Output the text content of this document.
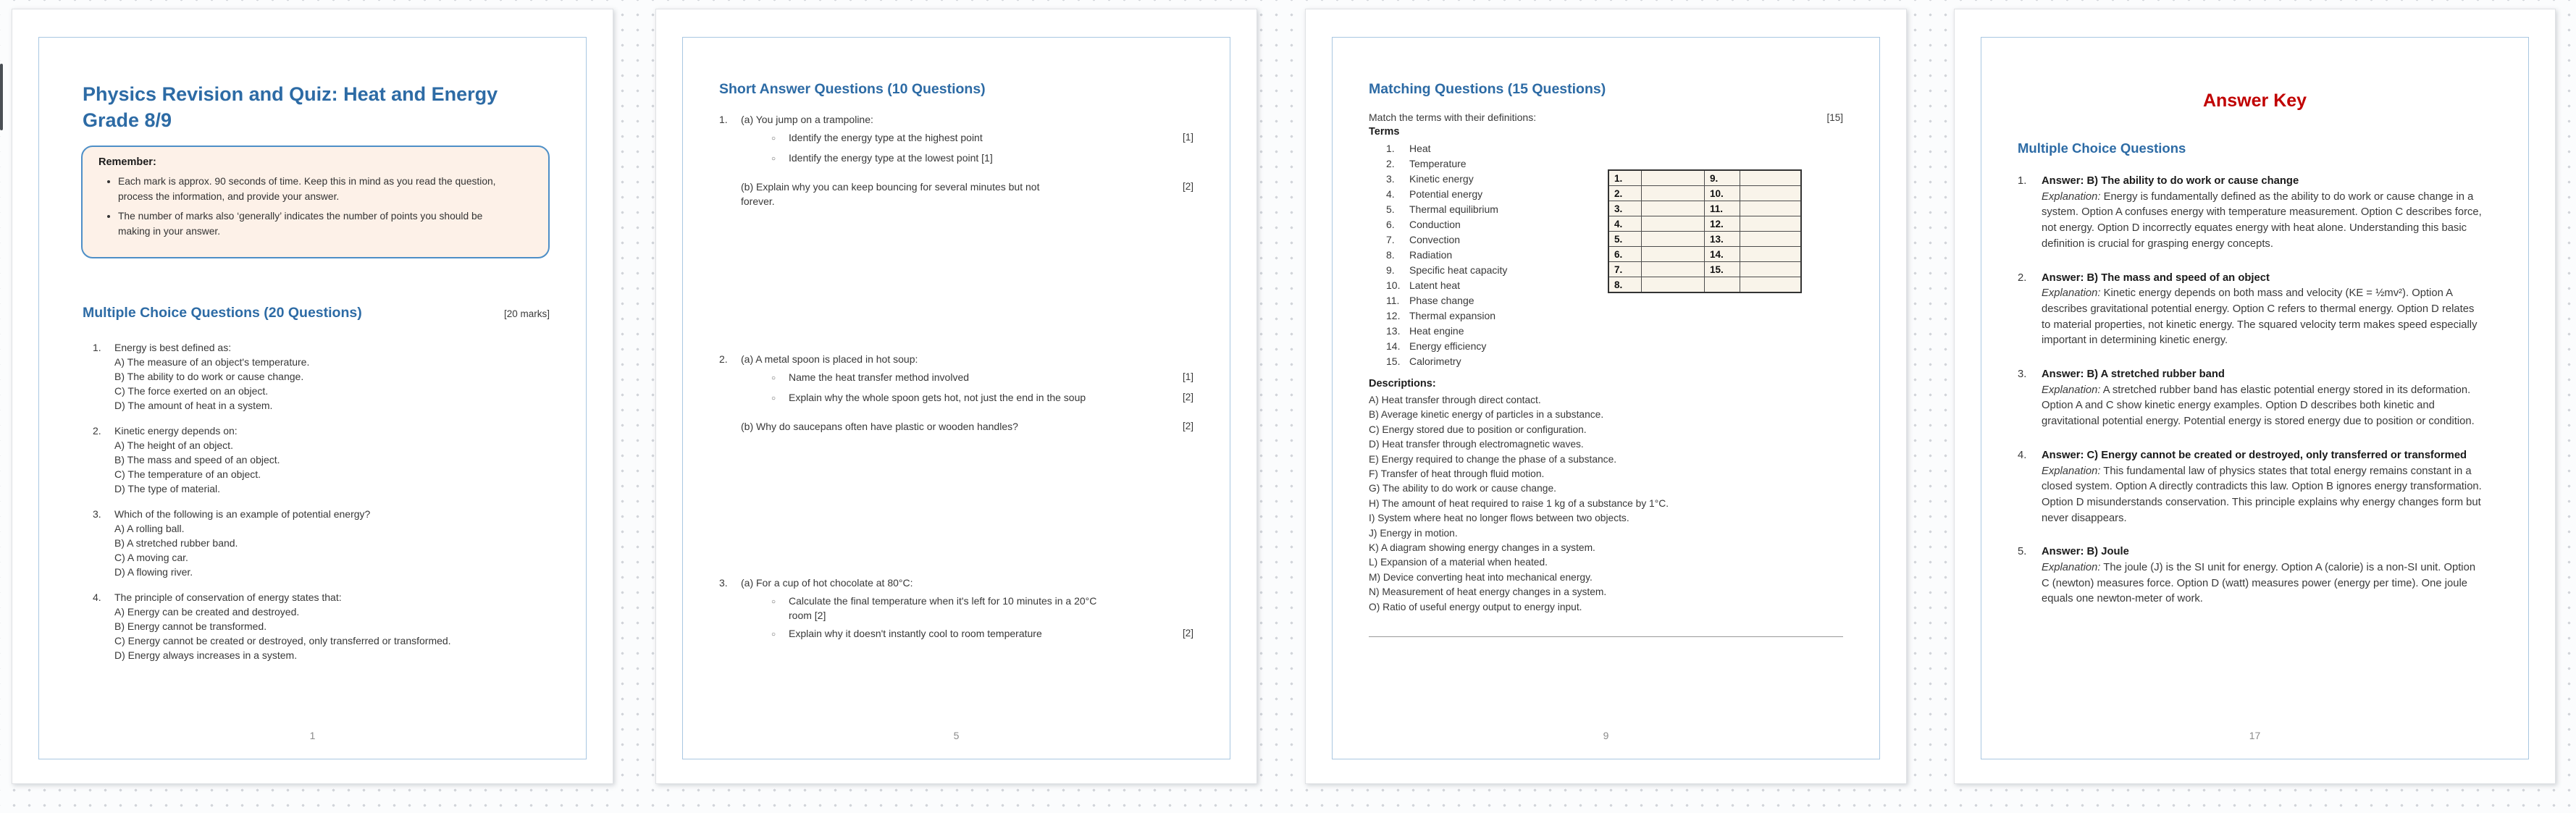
Physics Revision and Quiz: Heat and Energy Grade 8/9
Remember:
• Each mark is approx. 90 seconds of time. Keep this in mind as you read the question, process the information, and provide your answer.
• The number of marks also ‘generally’ indicates the number of points you should be making in your answer.
Multiple Choice Questions (20 Questions)	[20 marks]
1.	Energy is best defined as:
A) The measure of an object's temperature.
B) The ability to do work or cause change.
C) The force exerted on an object.
D) The amount of heat in a system.
2.	Kinetic energy depends on:
A) The height of an object.
B) The mass and speed of an object.
C) The temperature of an object.
D) The type of material.
3.	Which of the following is an example of potential energy?
A) A rolling ball.
B) A stretched rubber band.
C) A moving car.
D) A flowing river.
4.	The principle of conservation of energy states that:
A) Energy can be created and destroyed.
B) Energy cannot be transformed.
C) Energy cannot be created or destroyed, only transferred or transformed.
D) Energy always increases in a system.
1
Short Answer Questions (10 Questions)
1.	(a) You jump on a trampoline:
○
Identify the energy type at the highest point	[1]
○
Identify the energy type at the lowest point [1]
(b) Explain why you can keep bouncing for several minutes but not forever.
[2]
2.	(a) A metal spoon is placed in hot soup:
○
Name the heat transfer method involved	[1]
○
Explain why the whole spoon gets hot, not just the end in the soup	[2]
(b) Why do saucepans often have plastic or wooden handles?	[2]
3.	(a) For a cup of hot chocolate at 80°C:
○
Calculate the final temperature when it's left for 10 minutes in a 20°C room [2]
○
Explain why it doesn't instantly cool to room temperature	[2]
5
Matching Questions (15 Questions)
Match the terms with their definitions:	[15]
Terms
1.	Heat
2.	Temperature
3.	Kinetic energy
4.	Potential energy
5.	Thermal equilibrium
6.	Conduction
7.	Convection
8.	Radiation
9.	Specific heat capacity
10. Latent heat
11. Phase change
12. Thermal expansion
13. Heat engine
14. Energy efficiency
15. Calorimetry
Descriptions:
A) Heat transfer through direct contact.
B) Average kinetic energy of particles in a substance.
C) Energy stored due to position or configuration.
D) Heat transfer through electromagnetic waves.
E) Energy required to change the phase of a substance.
F) Transfer of heat through fluid motion.
G) The ability to do work or cause change.
H) The amount of heat required to raise 1 kg of a substance by 1°C.
I) System where heat no longer flows between two objects.
J) Energy in motion.
K) A diagram showing energy changes in a system.
L) Expansion of a material when heated.
M) Device converting heat into mechanical energy.
N) Measurement of heat energy changes in a system.
O) Ratio of useful energy output to energy input.
1.		9.	
2.		10.	
3.		11.	
4.		12.	
5.		13.	
6.		14.	
7.		15.	
8.			
9
Answer Key
Multiple Choice Questions
1.	Answer: B) The ability to do work or cause change
Explanation: Energy is fundamentally defined as the ability to do work or cause change in a system. Option A confuses energy with temperature measurement. Option C describes force, not energy. Option D incorrectly equates energy with heat alone. Understanding this basic definition is crucial for grasping energy concepts.
2.	Answer: B) The mass and speed of an object
Explanation: Kinetic energy depends on both mass and velocity (KE = ½mv²). Option A describes gravitational potential energy. Option C refers to thermal energy. Option D relates to material properties, not kinetic energy. The squared velocity term makes speed especially important in determining kinetic energy.
3.	Answer: B) A stretched rubber band
Explanation: A stretched rubber band has elastic potential energy stored in its deformation. Option A and C show kinetic energy examples. Option D describes both kinetic and gravitational potential energy. Potential energy is stored energy due to position or condition.
4.	Answer: C) Energy cannot be created or destroyed, only transferred or transformed
Explanation: This fundamental law of physics states that total energy remains constant in a closed system. Option A directly contradicts this law. Option B ignores energy transformation. Option D misunderstands conservation. This principle explains why energy changes form but never disappears.
5.	Answer: B) Joule
Explanation: The joule (J) is the SI unit for energy. Option A (calorie) is a non-SI unit. Option C (newton) measures force. Option D (watt) measures power (energy per time). One joule equals one newton-meter of work.
17
